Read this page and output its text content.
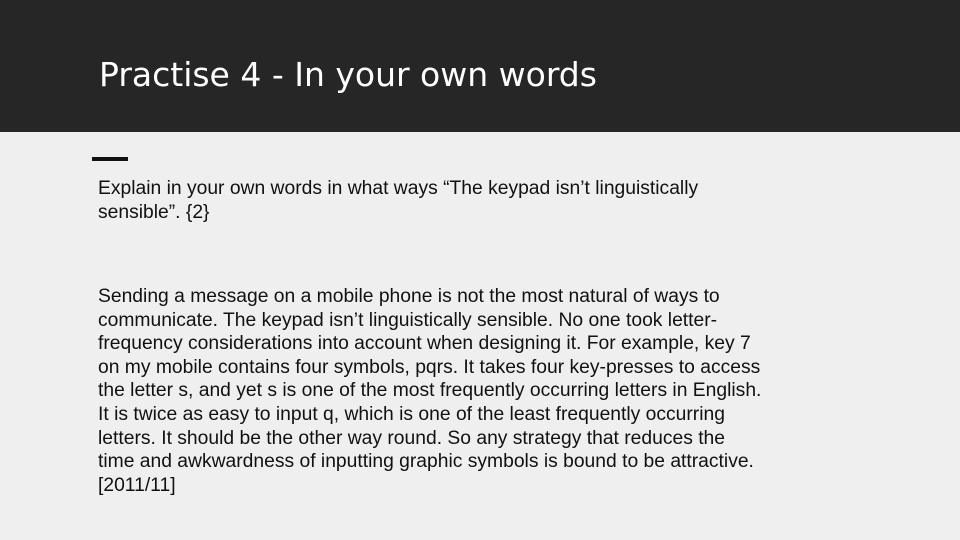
Practise 4 - In your own words

Explain in your own words in what ways “The keypad isn’t linguistically
sensible”. {2}

Sending a message on a mobile phone is not the most natural of ways to
communicate. The keypad isn’t linguistically sensible. No one took letter-
frequency considerations into account when designing it. For example, key 7
on my mobile contains four symbols, pqrs. It takes four key-presses to access
the letter s, and yet s is one of the most frequently occurring letters in English.
It is twice as easy to input q, which is one of the least frequently occurring
letters. It should be the other way round. So any strategy that reduces the
time and awkwardness of inputting graphic symbols is bound to be attractive.
[2011/11]
